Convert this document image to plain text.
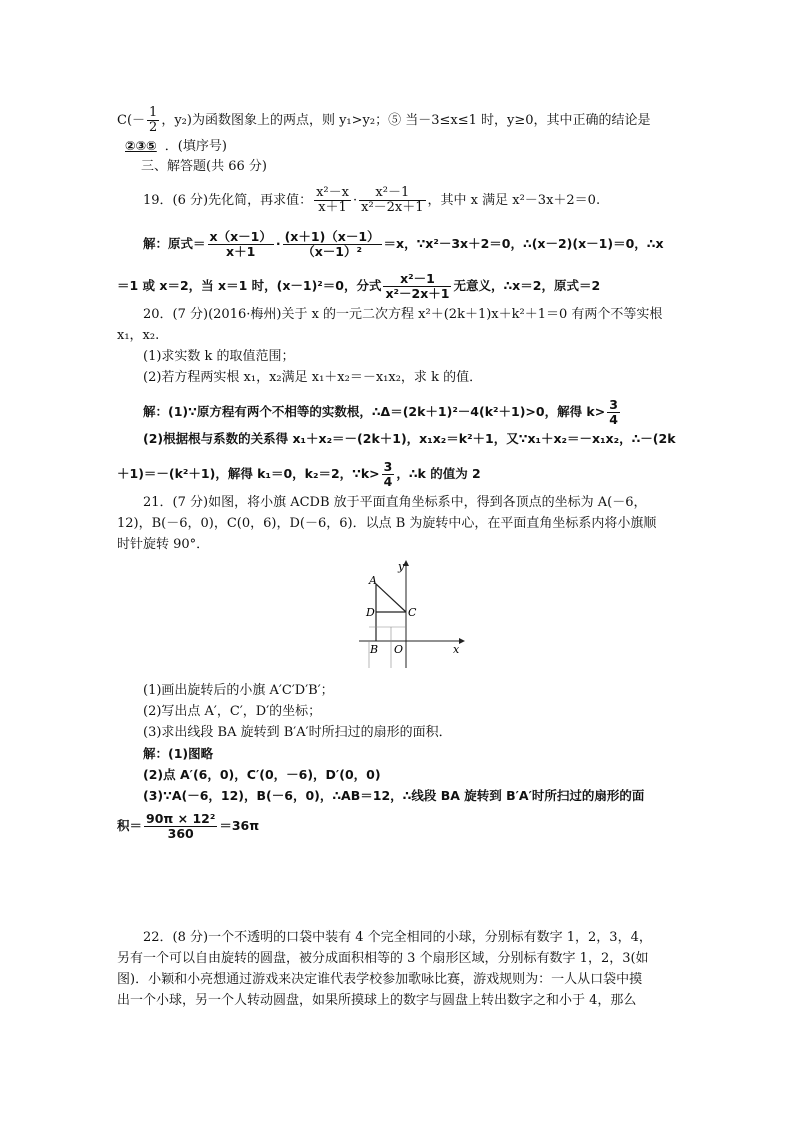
$C(- \frac{1}{2}$ ，y₂)为函数图象上的两点，则 y₁>y₂；⑤ 当－3≤x≤1 时，y≥0，其中正确的结论是
②③⑤ ．(填序号)
三、解答题(共 66 分)
19．(6 分)先化简，再求值： $\frac{\text{x²－x}}{x+1} \cdot \frac{\text{x²－1}}{\text{x²－2x＋1}}$ ，其中 x 满足 x²－3x＋2＝0.
解：原式＝ $\frac{x(x-1)}{x+1} \cdot \frac{(x+1)(x-1)}{\text{（x－1）²}} =x$，∵x²－3x＋2＝0，∴(x－2)(x－1)＝0，∴x
＝1 或 x＝2，当 x＝1 时，(x－1)²＝0，分式 $\frac{\text{x²－1}}{\text{x²－2x＋1}}$ 无意义，∴x＝2，原式＝2
20．(7 分)(2016·梅州)关于 x 的一元二次方程 x²＋(2k＋1)x＋k²＋1＝0 有两个不等实根
x₁，x₂.
(1)求实数 k 的取值范围；
(2)若方程两实根 x₁，x₂满足 x₁＋x₂＝－x₁x₂，求 k 的值．
解：(1)∵原方程有两个不相等的实数根，∴Δ＝(2k＋1)²－4(k²＋1)>0，解得 $k> \frac{3}{4}$
(2)根据根与系数的关系得 x₁＋x₂＝－(2k＋1)，x₁x₂＝k²＋1，又∵x₁＋x₂＝－x₁x₂，∴－(2k
＋1)＝－(k²＋1)，解得 k₁＝0，k₂＝2，∵k> $\frac{3}{4}$ ，∴k 的值为 2
21．(7 分)如图，将小旗 ACDB 放于平面直角坐标系中，得到各顶点的坐标为 A(－6，
12)，B(－6，0)，C(0，6)，D(－6，6)．以点 B 为旋转中心，在平面直角坐标系内将小旗顺
时针旋转 90°．
A
D	C
B O	x
y
(1)画出旋转后的小旗 A′C′D′B′；
(2)写出点 A′，C′，D′的坐标；
(3)求出线段 BA 旋转到 B′A′时所扫过的扇形的面积．
解：(1)图略
(2)点 A′(6，0)，C′(0，－6)，D′(0，0)
(3)∵A(－6，12)，B(－6，0)，∴AB＝12，∴线段 BA 旋转到 B′A′时所扫过的扇形的面
积＝ $\frac{\text{90π × 12²}}{360} =36\pi$
22．(8 分)一个不透明的口袋中装有 4 个完全相同的小球，分别标有数字 1，2，3，4，
另有一个可以自由旋转的圆盘，被分成面积相等的 3 个扇形区域，分别标有数字 1，2，3(如
图)．小颖和小亮想通过游戏来决定谁代表学校参加歌咏比赛，游戏规则为：一人从口袋中摸
出一个小球，另一个人转动圆盘，如果所摸球上的数字与圆盘上转出数字之和小于 4，那么
